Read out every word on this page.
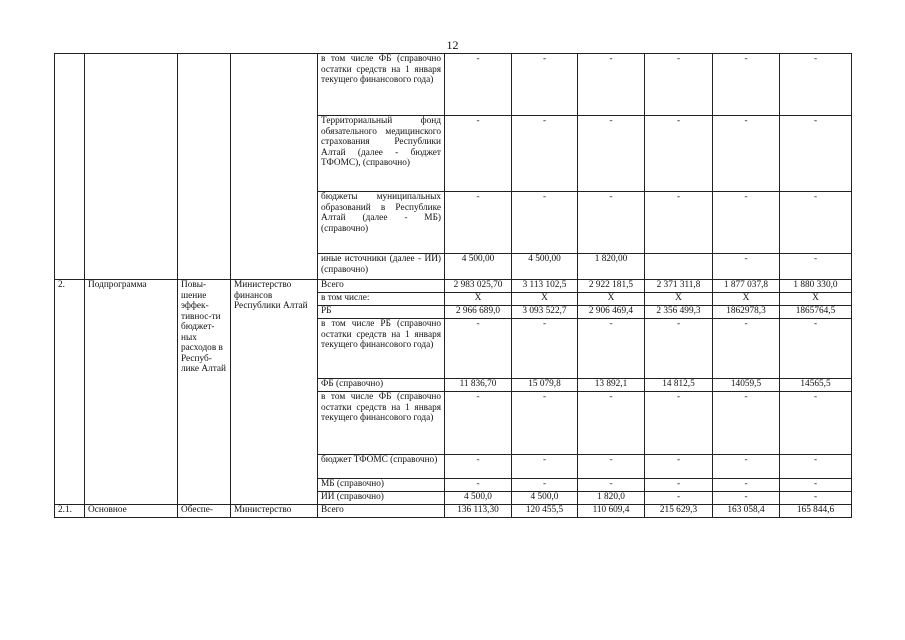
12
				в том числе ФБ (справочно остатки средств на 1 января текущего финансового года)	-	-	-	-	-	-
				Территориальный фонд обязательного медицинского страхования Республики Алтай (далее - бюджет ТФОМС), (справочно)	-	-	-	-	-	-
				бюджеты муниципальных образований в Республике Алтай (далее - МБ) (справочно)	-	-	-	-	-	-
				иные источники (далее - ИИ) (справочно)	4 500,00	4 500,00	1 820,00		-	-
2.	Подпрограмма	Повы-шение эффек-тивнос-ти бюджет-ных расходов в Респуб-лике Алтай	Министерство финансов Республики Алтай	Всего	2 983 025,70	3 113 102,5	2 922 181,5	2 371 311,8	1 877 037,8	1 880 330,0
				в том числе:	X	X	X	X	X	X
				РБ	2 966 689,0	3 093 522,7	2 906 469,4	2 356 499,3	1862978,3	1865764,5
				в том числе РБ (справочно остатки средств на 1 января текущего финансового года)	-	-	-	-	-	-
				ФБ (справочно)	11 836,70	15 079,8	13 892,1	14 812,5	14059,5	14565,5
				в том числе ФБ (справочно остатки средств на 1 января текущего финансового года)	-	-	-	-	-	-
				бюджет ТФОМС (справочно)	-	-	-	-	-	-
				МБ (справочно)	-	-	-	-	-	-
				ИИ (справочно)	4 500,0	4 500,0	1 820,0	-	-	-
2.1.	Основное	Обеспе-	Министерство	Всего	136 113,30	120 455,5	110 609,4	215 629,3	163 058,4	165 844,6
